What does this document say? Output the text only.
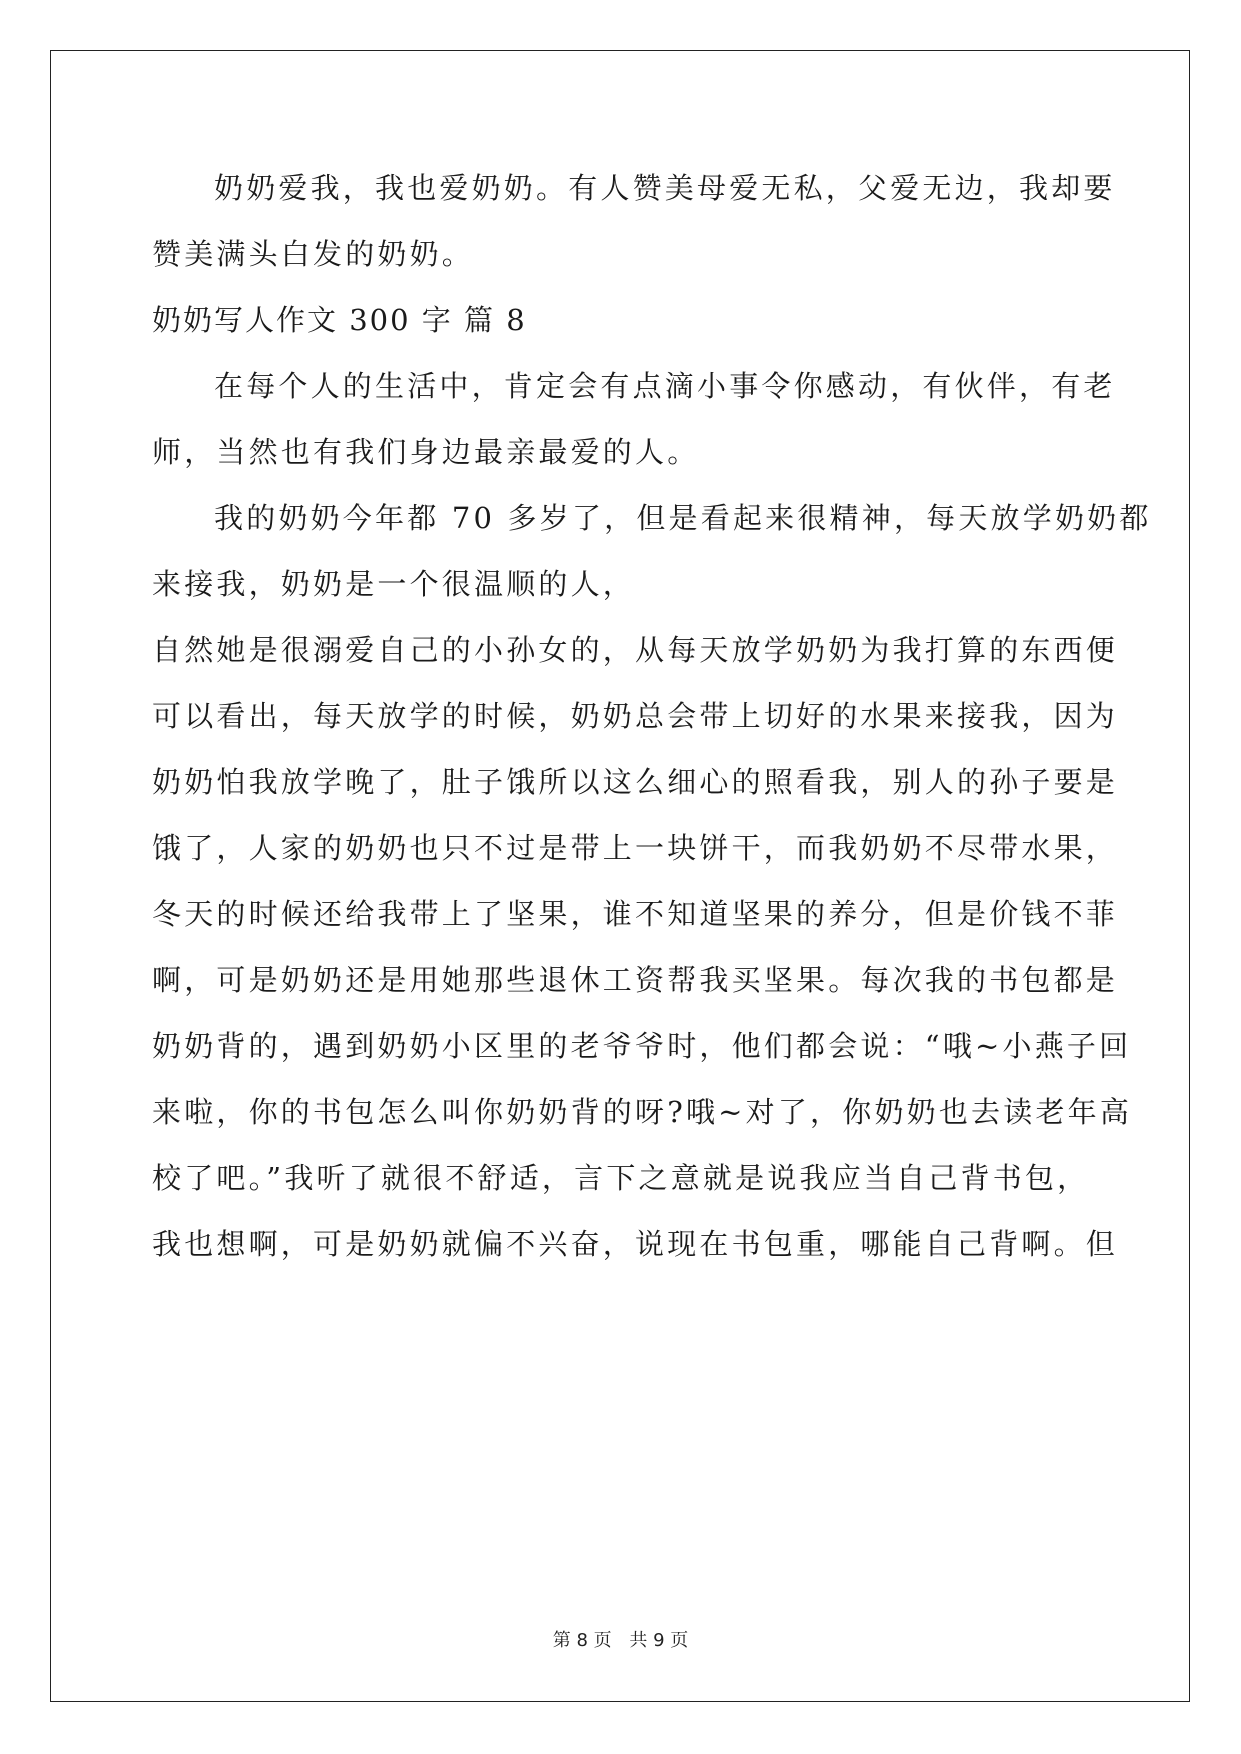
奶奶爱我，我也爱奶奶。有人赞美母爱无私，父爱无边，我却要
赞美满头白发的奶奶。
奶奶写人作文 300 字 篇 8
在每个人的生活中，肯定会有点滴小事令你感动，有伙伴，有老
师，当然也有我们身边最亲最爱的人。
我的奶奶今年都 70 多岁了，但是看起来很精神，每天放学奶奶都
来接我，奶奶是一个很温顺的人，
自然她是很溺爱自己的小孙女的，从每天放学奶奶为我打算的东西便
可以看出，每天放学的时候，奶奶总会带上切好的水果来接我，因为
奶奶怕我放学晚了，肚子饿所以这么细心的照看我，别人的孙子要是
饿了，人家的奶奶也只不过是带上一块饼干，而我奶奶不尽带水果，
冬天的时候还给我带上了坚果，谁不知道坚果的养分，但是价钱不菲
啊，可是奶奶还是用她那些退休工资帮我买坚果。每次我的书包都是
奶奶背的，遇到奶奶小区里的老爷爷时，他们都会说：“哦~小燕子回
来啦，你的书包怎么叫你奶奶背的呀?哦~对了，你奶奶也去读老年高
校了吧。”我听了就很不舒适，言下之意就是说我应当自己背书包，
我也想啊，可是奶奶就偏不兴奋，说现在书包重，哪能自己背啊。但
第 8 页 共 9 页
